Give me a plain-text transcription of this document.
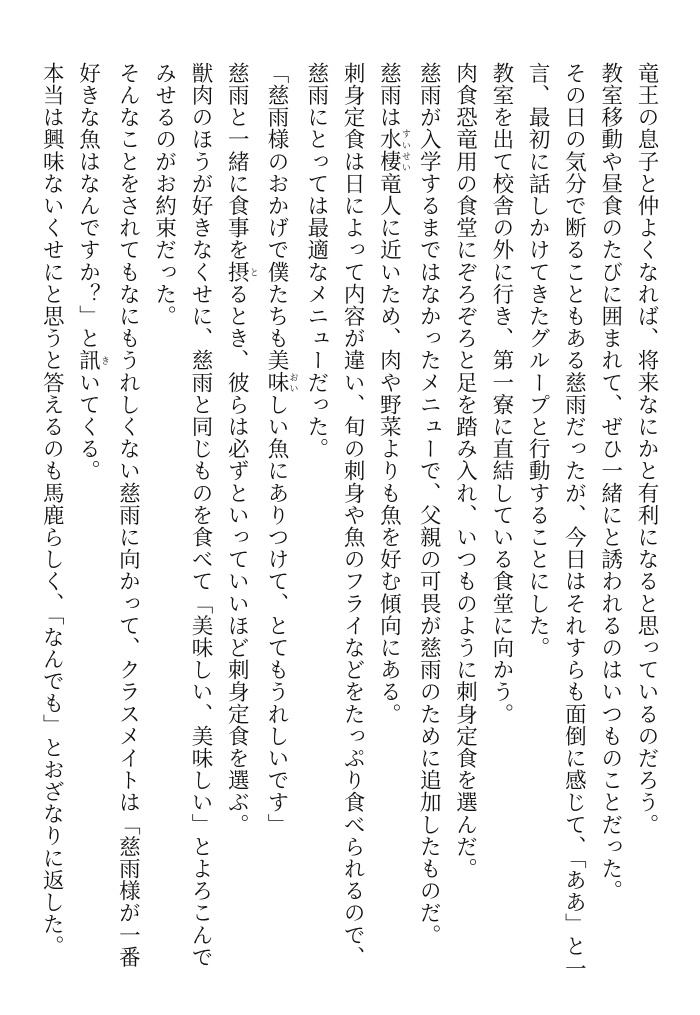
竜王の息子と仲よくなれば、将来なにかと有利になると思っているのだろう。
教室移動や昼食のたびに囲まれて、ぜひ一緒にと誘われるのはいつものことだった。
その日の気分で断ることもある慈雨だったが、今日はそれすらも面倒に感じて、「ああ」と一
言、最初に話しかけてきたグループと行動することにした。
教室を出て校舎の外に行き、第一寮に直結している食堂に向かう。
肉食恐竜用の食堂にぞろぞろと足を踏み入れ、いつものように刺身定食を選んだ。
慈雨が入学するまではなかったメニューで、父親の可畏が慈雨のために追加したものだ。
慈雨は水棲すいせい竜人に近いため、肉や野菜よりも魚を好む傾向にある。
刺身定食は日によって内容が違い、旬の刺身や魚のフライなどをたっぷり食べられるので、
慈雨にとっては最適なメニューだった。
「慈雨様のおかげで僕たちも美味おいしい魚にありつけて、とてもうれしいです」
慈雨と一緒に食事を摂とるとき、彼らは必ずといっていいほど刺身定食を選ぶ。
獣肉のほうが好きなくせに、慈雨と同じものを食べて「美味しい、美味しい」とよろこんで
みせるのがお約束だった。
そんなことをされてもなにもうれしくない慈雨に向かって、クラスメイトは「慈雨様が一番
好きな魚はなんですか？」と訊きいてくる。
本当は興味ないくせにと思うと答えるのも馬鹿らしく、「なんでも」とおざなりに返した。
